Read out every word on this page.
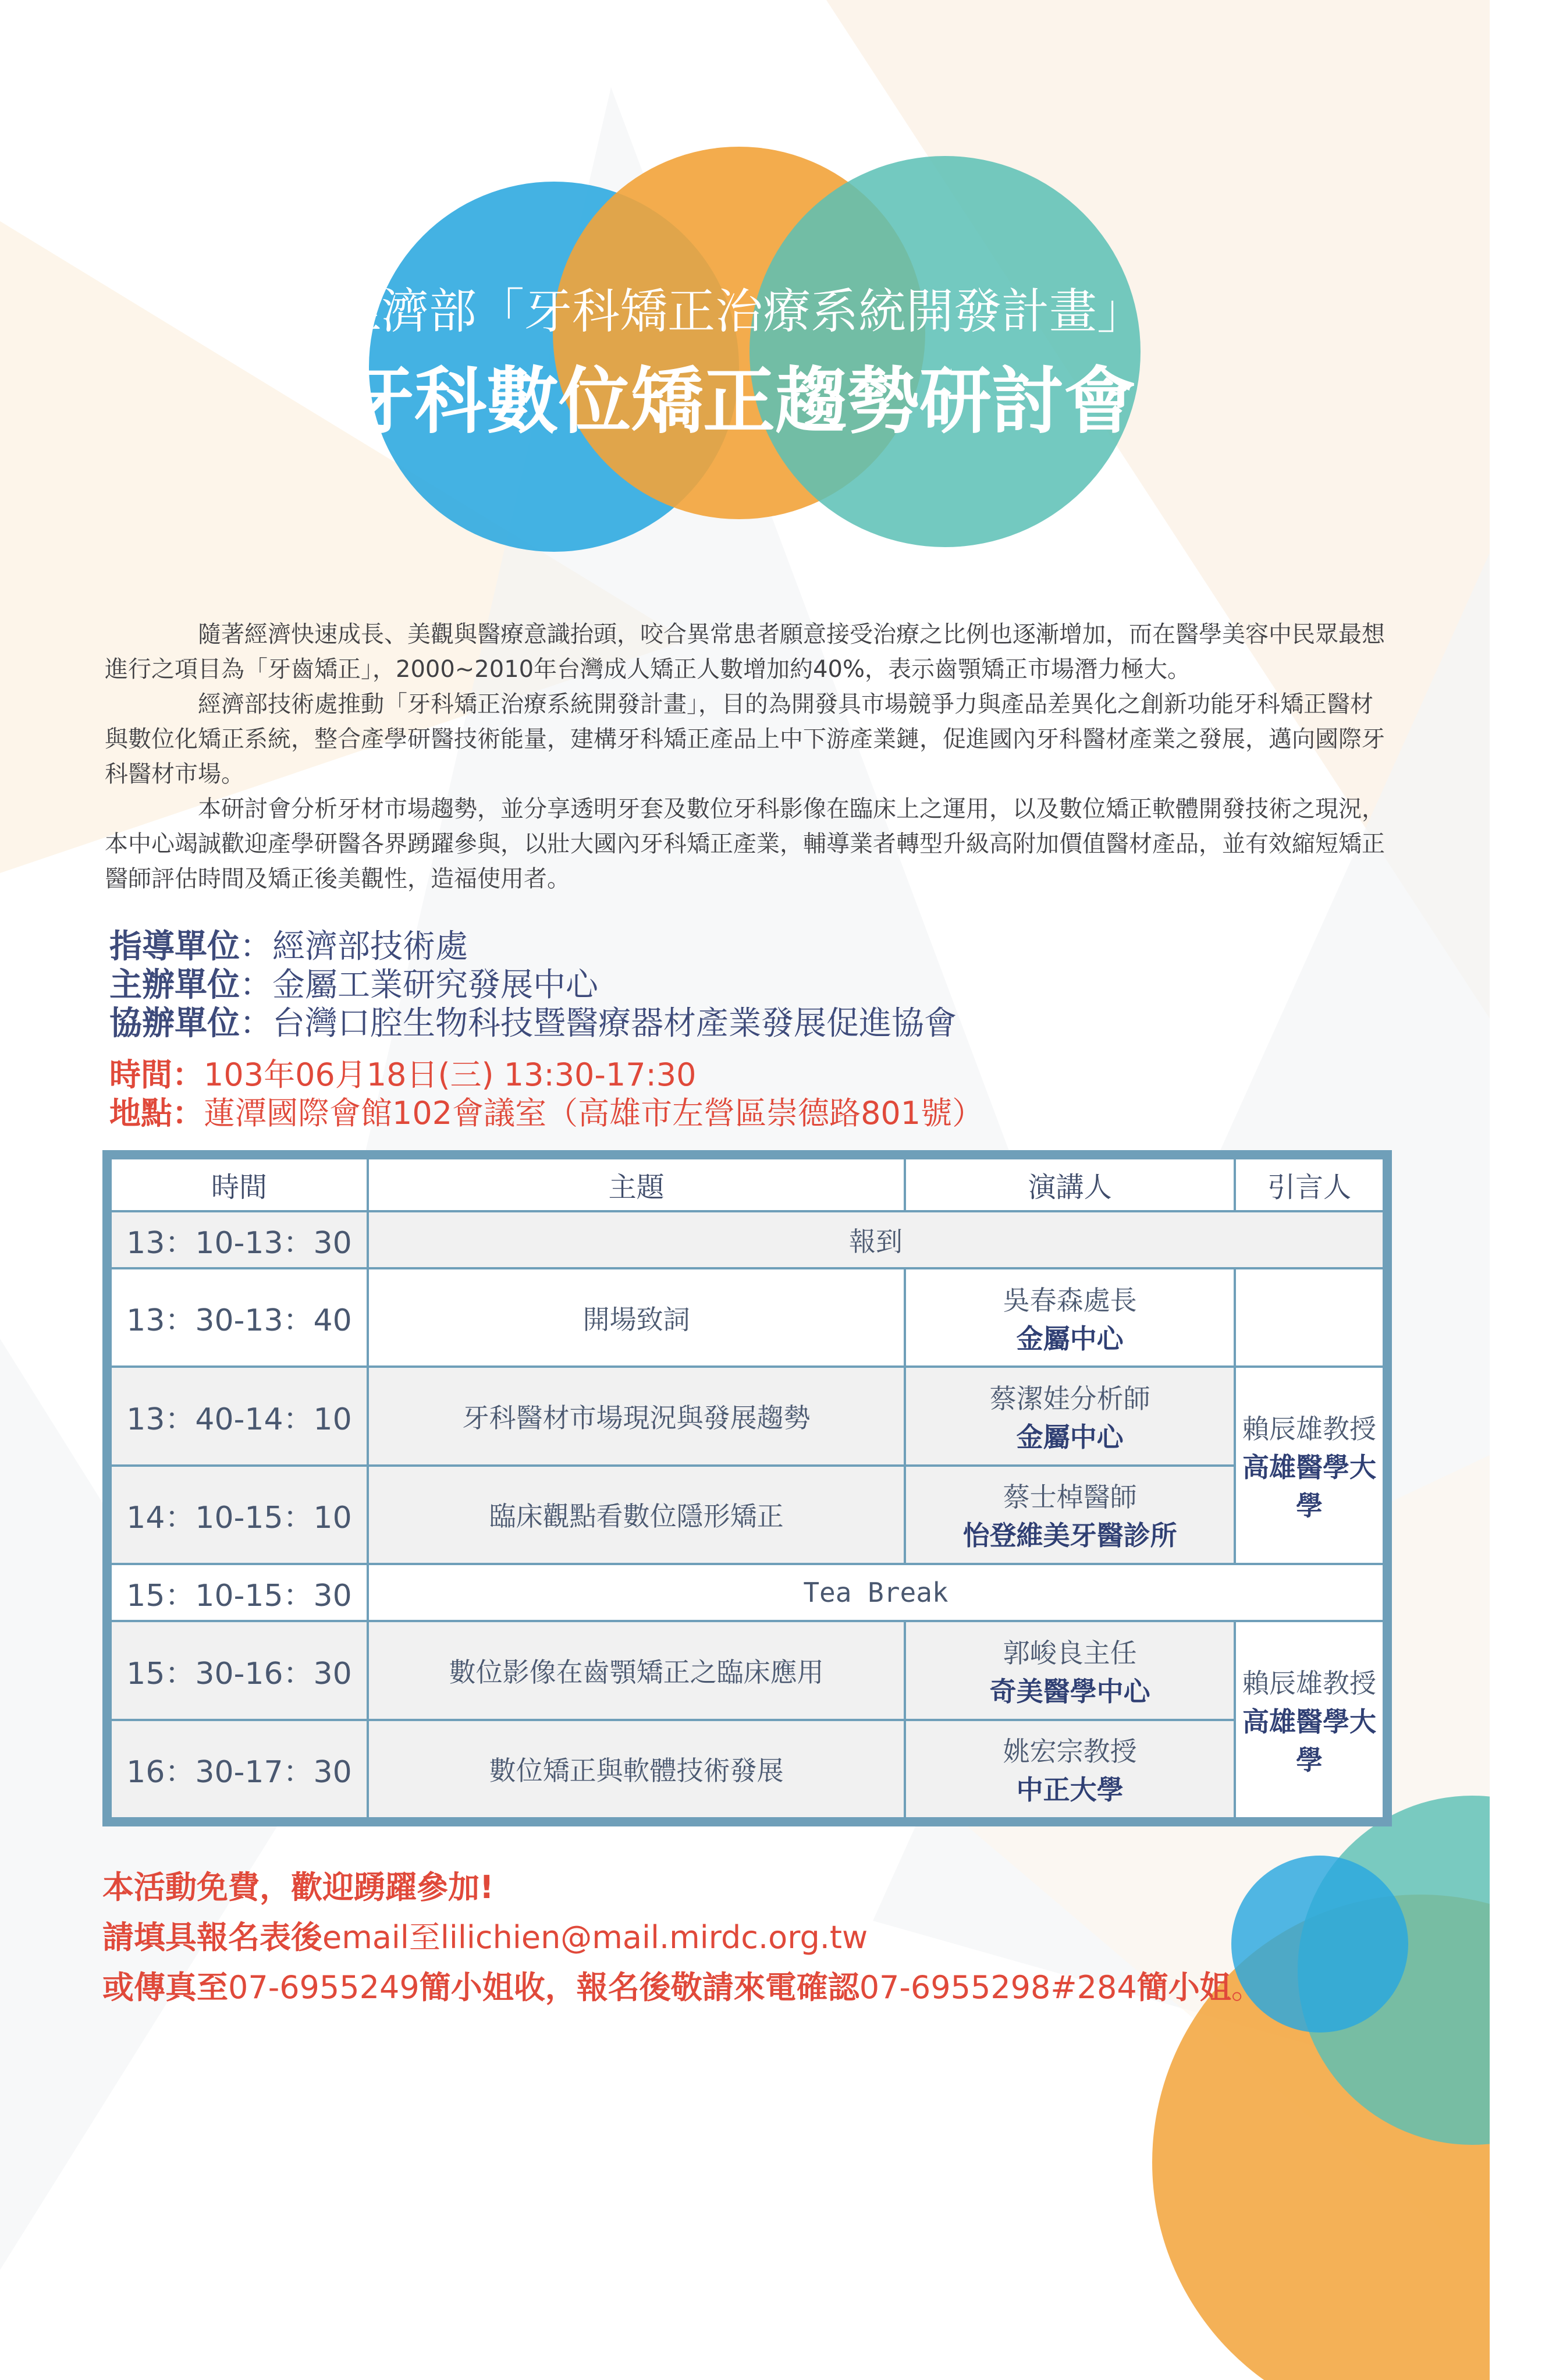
經濟部「牙科矯正治療系統開發計畫」
牙科數位矯正趨勢研討會

隨著經濟快速成長、美觀與醫療意識抬頭，咬合異常患者願意接受治療之比例也逐漸增加，而在醫學美容中民眾最想進行之項目為「牙齒矯正」，2000~2010年台灣成人矯正人數增加約40%，表示齒顎矯正市場潛力極大。

經濟部技術處推動「牙科矯正治療系統開發計畫」，目的為開發具市場競爭力與產品差異化之創新功能牙科矯正醫材與數位化矯正系統，整合產學研醫技術能量，建構牙科矯正產品上中下游產業鏈，促進國內牙科醫材產業之發展，邁向國際牙科醫材市場。

本研討會分析牙材市場趨勢，並分享透明牙套及數位牙科影像在臨床上之運用，以及數位矯正軟體開發技術之現況，本中心竭誠歡迎產學研醫各界踴躍參與，以壯大國內牙科矯正產業，輔導業者轉型升級高附加價值醫材產品，並有效縮短矯正醫師評估時間及矯正後美觀性，造福使用者。

指導單位：經濟部技術處
主辦單位：金屬工業研究發展中心
協辦單位：台灣口腔生物科技暨醫療器材產業發展促進協會
時間：103年06月18日(三) 13:30-17:30
地點：蓮潭國際會館102會議室（高雄市左營區崇德路801號）
時間	主題	演講人	引言人
13：10-13：30	報到		
13：30-13：40	開場致詞	吳春森處長
金屬中心	

13：40-14：10	牙科醫材市場現況與發展趨勢	蔡潔娃分析師
金屬中心	賴辰雄教授
高雄醫學大學

14：10-15：10	臨床觀點看數位隱形矯正	蔡士棹醫師
怡登維美牙醫診所	

15：10-15：30	Tea Break		
15：30-16：30	數位影像在齒顎矯正之臨床應用	郭峻良主任
奇美醫學中心	賴辰雄教授
高雄醫學大學

16：30-17：30	數位矯正與軟體技術發展	姚宏宗教授
中正大學	
本活動免費，歡迎踴躍參加!
請填具報名表後email至lilichien@mail.mirdc.org.tw
或傳真至07-6955249簡小姐收，報名後敬請來電確認07-6955298#284簡小姐。
